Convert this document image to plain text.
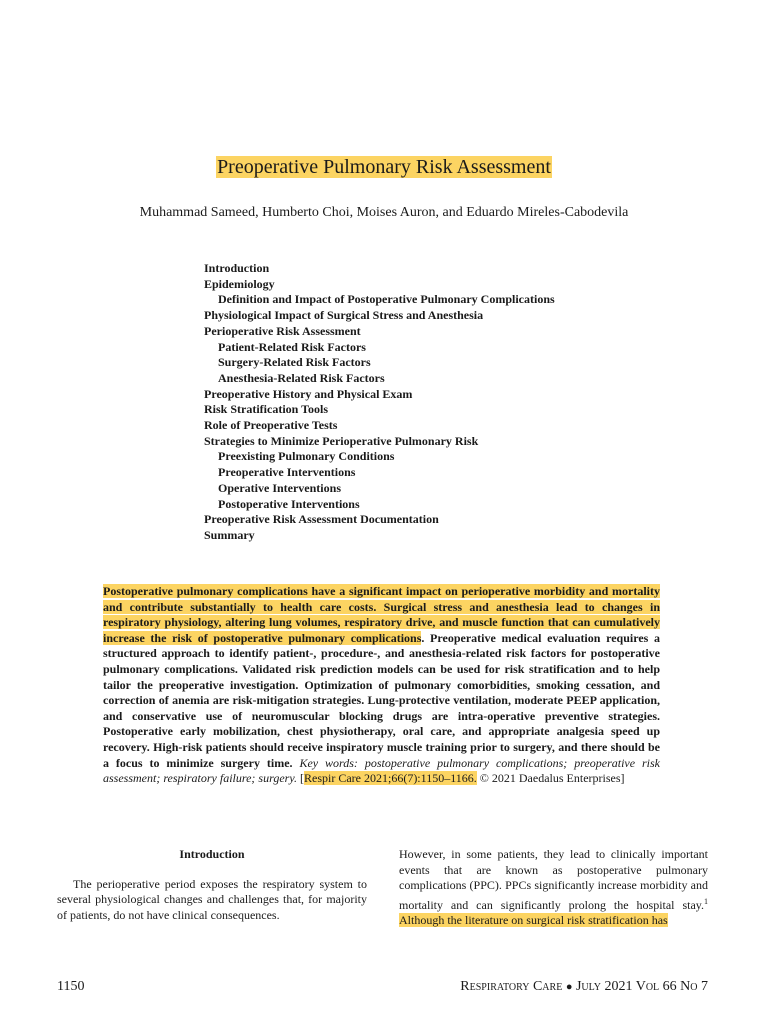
Preoperative Pulmonary Risk Assessment
Muhammad Sameed, Humberto Choi, Moises Auron, and Eduardo Mireles-Cabodevila
Introduction
Epidemiology
Definition and Impact of Postoperative Pulmonary Complications
Physiological Impact of Surgical Stress and Anesthesia
Perioperative Risk Assessment
Patient-Related Risk Factors
Surgery-Related Risk Factors
Anesthesia-Related Risk Factors
Preoperative History and Physical Exam
Risk Stratification Tools
Role of Preoperative Tests
Strategies to Minimize Perioperative Pulmonary Risk
Preexisting Pulmonary Conditions
Preoperative Interventions
Operative Interventions
Postoperative Interventions
Preoperative Risk Assessment Documentation
Summary
Postoperative pulmonary complications have a significant impact on perioperative morbidity and mortality and contribute substantially to health care costs. Surgical stress and anesthesia lead to changes in respiratory physiology, altering lung volumes, respiratory drive, and muscle function that can cumulatively increase the risk of postoperative pulmonary complications. Preoperative medical evaluation requires a structured approach to identify patient-, procedure-, and anesthesia-related risk factors for postoperative pulmonary complications. Validated risk prediction models can be used for risk stratification and to help tailor the preoperative investigation. Optimization of pulmonary comorbidities, smoking cessation, and correction of anemia are risk-mitigation strategies. Lung-protective ventilation, moderate PEEP application, and conservative use of neuromuscular blocking drugs are intra-operative preventive strategies. Postoperative early mobilization, chest physiotherapy, oral care, and appropriate analgesia speed up recovery. High-risk patients should receive inspiratory muscle training prior to surgery, and there should be a focus to minimize surgery time. Key words: postoperative pulmonary complications; preoperative risk assessment; respiratory failure; surgery. [Respir Care 2021;66(7):1150–1166. © 2021 Daedalus Enterprises]
Introduction

The perioperative period exposes the respiratory system to several physiological changes and challenges that, for majority of patients, do not have clinical consequences.

However, in some patients, they lead to clinically important events that are known as postoperative pulmonary complications (PPC). PPCs significantly increase morbidity and mortality and can significantly prolong the hospital stay.$^1$ Although the literature on surgical risk stratification has

1150	Respiratory Care ● July 2021 Vol 66 No 7
